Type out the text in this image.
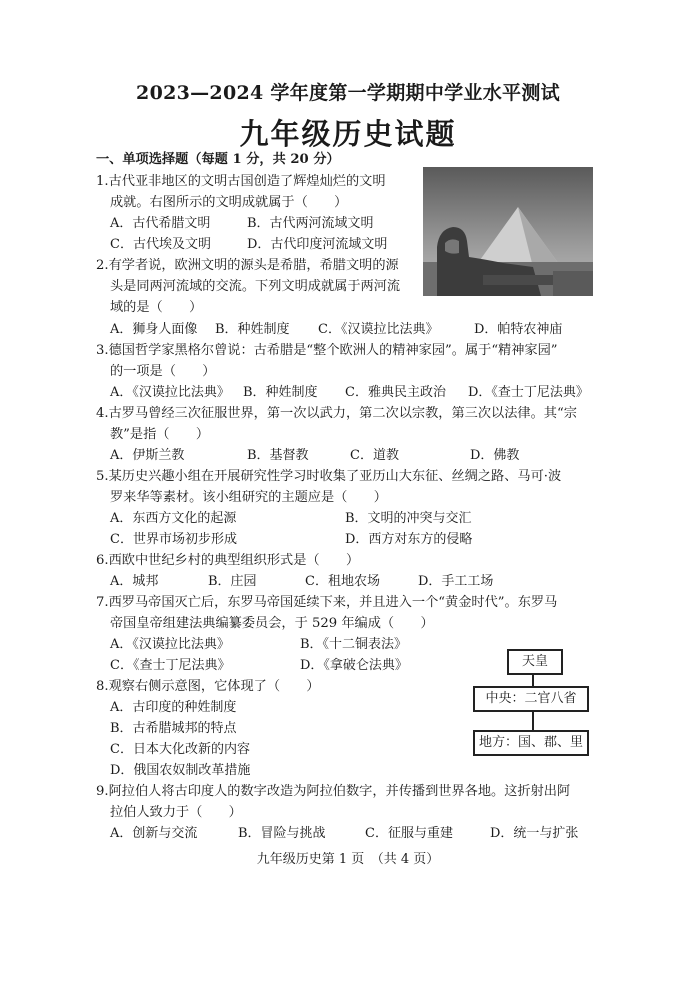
2023—2024 学年度第一学期期中学业水平测试
九年级历史试题
一、单项选择题（每题 1 分，共 20 分）
1.古代亚非地区的文明古国创造了辉煌灿烂的文明
成就。右图所示的文明成就属于（　　）
A．古代希腊文明	B．古代两河流域文明
C．古代埃及文明	D．古代印度河流域文明
2.有学者说，欧洲文明的源头是希腊，希腊文明的源
头是同两河流域的交流。下列文明成就属于两河流
域的是（　　）
A．狮身人面像 B．种姓制度 C．《汉谟拉比法典》	D．帕特农神庙
3.德国哲学家黑格尔曾说：古希腊是“整个欧洲人的精神家园”。属于“精神家园”
的一项是（　　）
A．《汉谟拉比法典》 B．种姓制度 C．雅典民主政治 D．《查士丁尼法典》
4.古罗马曾经三次征服世界，第一次以武力，第二次以宗教，第三次以法律。其“宗
教”是指（　　）
A．伊斯兰教	B．基督教	C．道教	D．佛教
5.某历史兴趣小组在开展研究性学习时收集了亚历山大东征、丝绸之路、马可·波
罗来华等素材。该小组研究的主题应是（　　）
A．东西方文化的起源	B．文明的冲突与交汇
C．世界市场初步形成	D．西方对东方的侵略
6.西欧中世纪乡村的典型组织形式是（　　）
A．城邦	B．庄园	C．租地农场	D．手工工场
7.西罗马帝国灭亡后，东罗马帝国延续下来，并且进入一个“黄金时代”。东罗马
帝国皇帝组建法典编纂委员会，于 529 年编成（　　）
A．《汉谟拉比法典》	B．《十二铜表法》
C．《查士丁尼法典》	D．《拿破仑法典》
8.观察右侧示意图，它体现了（　　）
A．古印度的种姓制度
B．古希腊城邦的特点
C．日本大化改新的内容
D．俄国农奴制改革措施
天皇
中央：二官八省
地方：国、郡、里
9.阿拉伯人将古印度人的数字改造为阿拉伯数字，并传播到世界各地。这折射出阿
拉伯人致力于（　　）
A．创新与交流	B．冒险与挑战	C．征服与重建	D．统一与扩张
九年级历史第 1 页　（共 4 页）
